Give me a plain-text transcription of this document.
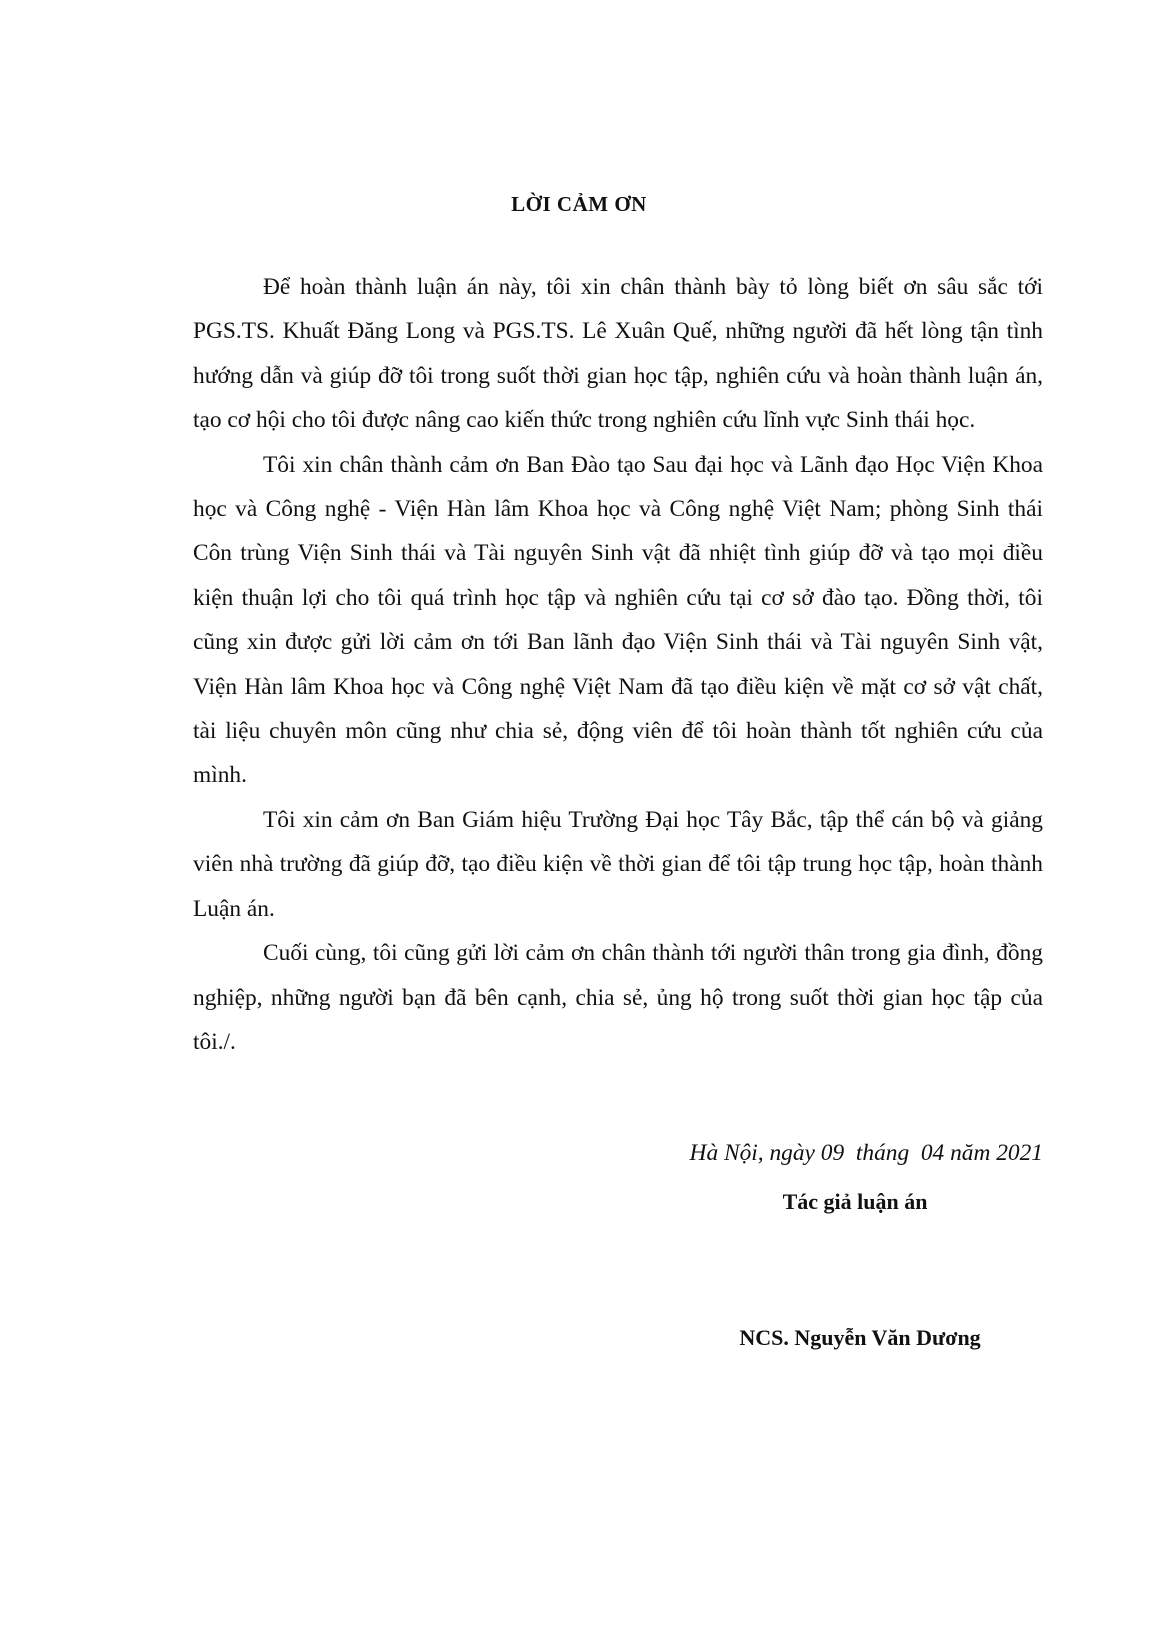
LỜI CẢM ƠN

Để hoàn thành luận án này, tôi xin chân thành bày tỏ lòng biết ơn sâu sắc tới PGS.TS. Khuất Đăng Long và PGS.TS. Lê Xuân Quế, những người đã hết lòng tận tình hướng dẫn và giúp đỡ tôi trong suốt thời gian học tập, nghiên cứu và hoàn thành luận án, tạo cơ hội cho tôi được nâng cao kiến thức trong nghiên cứu lĩnh vực Sinh thái học.

Tôi xin chân thành cảm ơn Ban Đào tạo Sau đại học và Lãnh đạo Học Viện Khoa học và Công nghệ - Viện Hàn lâm Khoa học và Công nghệ Việt Nam; phòng Sinh thái Côn trùng Viện Sinh thái và Tài nguyên Sinh vật đã nhiệt tình giúp đỡ và tạo mọi điều kiện thuận lợi cho tôi quá trình học tập và nghiên cứu tại cơ sở đào tạo. Đồng thời, tôi cũng xin được gửi lời cảm ơn tới Ban lãnh đạo Viện Sinh thái và Tài nguyên Sinh vật, Viện Hàn lâm Khoa học và Công nghệ Việt Nam đã tạo điều kiện về mặt cơ sở vật chất, tài liệu chuyên môn cũng như chia sẻ, động viên để tôi hoàn thành tốt nghiên cứu của mình.

Tôi xin cảm ơn Ban Giám hiệu Trường Đại học Tây Bắc, tập thể cán bộ và giảng viên nhà trường đã giúp đỡ, tạo điều kiện về thời gian để tôi tập trung học tập, hoàn thành Luận án.

Cuối cùng, tôi cũng gửi lời cảm ơn chân thành tới người thân trong gia đình, đồng nghiệp, những người bạn đã bên cạnh, chia sẻ, ủng hộ trong suốt thời gian học tập của tôi./.

Hà Nội, ngày 09  tháng  04 năm 2021
Tác giả luận án
NCS. Nguyễn Văn Dương
